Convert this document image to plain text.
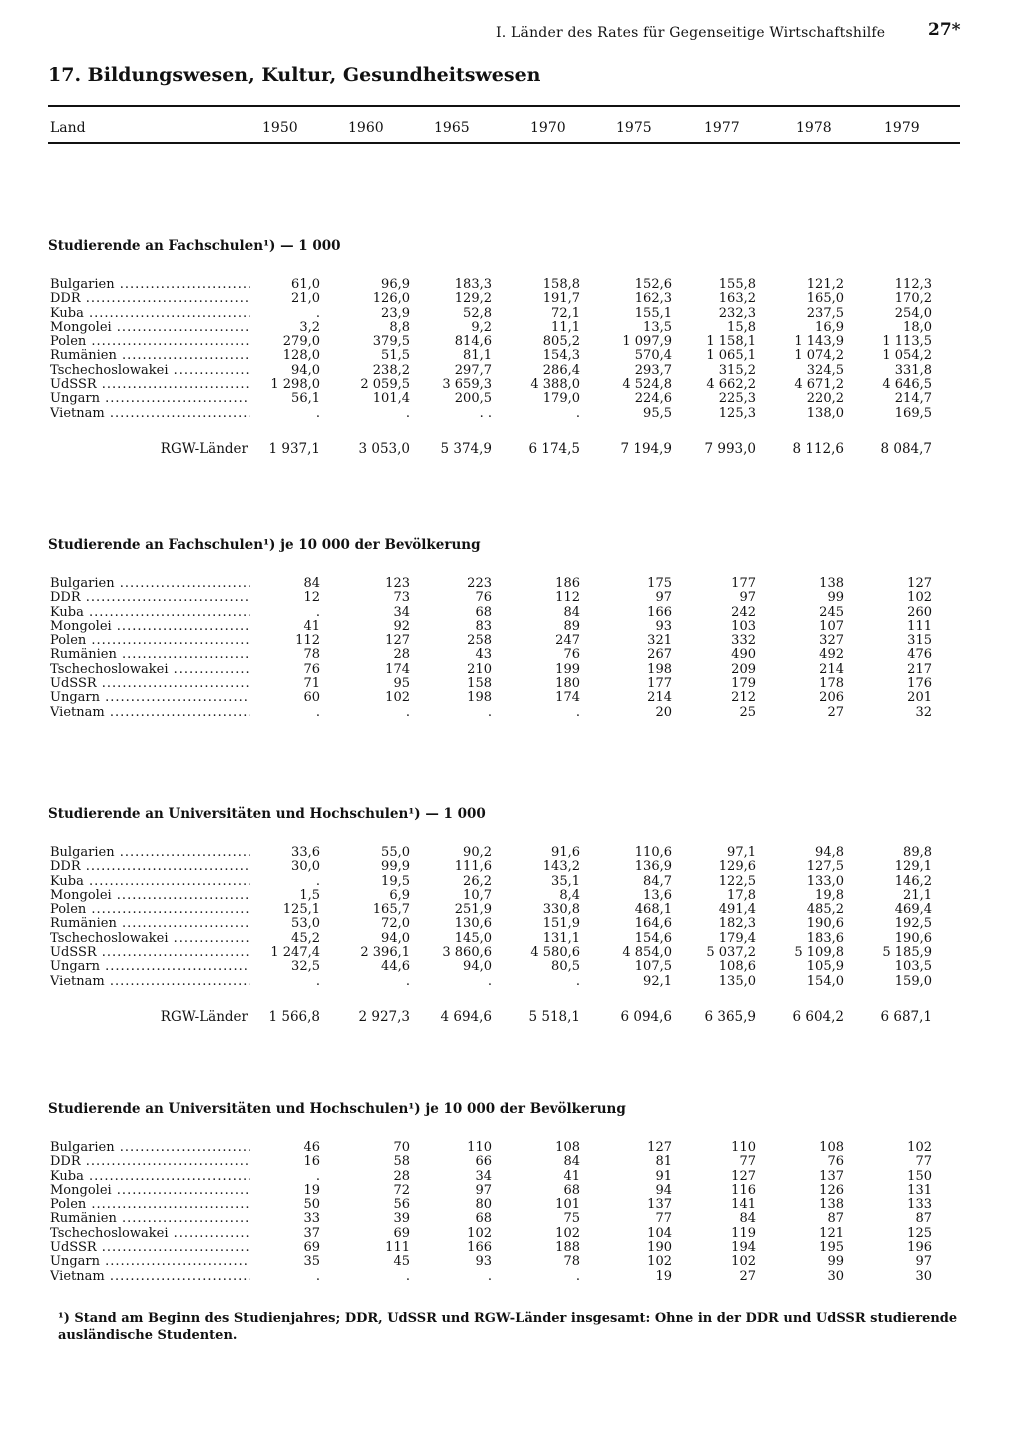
I. Länder des Rates für Gegenseitige Wirtschaftshilfe	27*
17. Bildungswesen, Kultur, Gesundheitswesen
Land	1950	1960	1965	1970	1975	1977	1978	1979
Studierende an Fachschulen¹) — 1 000
Bulgarien .....	61,0	96,9	183,3	158,8	152,6	155,8	121,2	112,3
DDR .....	21,0	126,0	129,2	191,7	162,3	163,2	165,0	170,2
Kuba .....	.	23,9	52,8	72,1	155,1	232,3	237,5	254,0
Mongolei .....	3,2	8,8	9,2	11,1	13,5	15,8	16,9	18,0
Polen .....	279,0	379,5	814,6	805,2	1 097,9	1 158,1	1 143,9	1 113,5
Rumänien .....	128,0	51,5	81,1	154,3	570,4	1 065,1	1 074,2	1 054,2
Tschechoslowakei .....	94,0	238,2	297,7	286,4	293,7	315,2	324,5	331,8
UdSSR .....	1 298,0	2 059,5	3 659,3	4 388,0	4 524,8	4 662,2	4 671,2	4 646,5
Ungarn .....	56,1	101,4	200,5	179,0	224,6	225,3	220,2	214,7
Vietnam .....	.	.	. .	.	95,5	125,3	138,0	169,5
RGW-Länder	1 937,1	3 053,0	5 374,9	6 174,5	7 194,9	7 993,0	8 112,6	8 084,7
Studierende an Fachschulen¹) je 10 000 der Bevölkerung
Bulgarien .....	84	123	223	186	175	177	138	127
DDR .....	12	73	76	112	97	97	99	102
Kuba .....	.	34	68	84	166	242	245	260
Mongolei .....	41	92	83	89	93	103	107	111
Polen .....	112	127	258	247	321	332	327	315
Rumänien .....	78	28	43	76	267	490	492	476
Tschechoslowakei .....	76	174	210	199	198	209	214	217
UdSSR .....	71	95	158	180	177	179	178	176
Ungarn .....	60	102	198	174	214	212	206	201
Vietnam .....	.	.	.	.	20	25	27	32
Studierende an Universitäten und Hochschulen¹) — 1 000
Bulgarien .....	33,6	55,0	90,2	91,6	110,6	97,1	94,8	89,8
DDR .....	30,0	99,9	111,6	143,2	136,9	129,6	127,5	129,1
Kuba .....	.	19,5	26,2	35,1	84,7	122,5	133,0	146,2
Mongolei .....	1,5	6,9	10,7	8,4	13,6	17,8	19,8	21,1
Polen .....	125,1	165,7	251,9	330,8	468,1	491,4	485,2	469,4
Rumänien .....	53,0	72,0	130,6	151,9	164,6	182,3	190,6	192,5
Tschechoslowakei .....	45,2	94,0	145,0	131,1	154,6	179,4	183,6	190,6
UdSSR .....	1 247,4	2 396,1	3 860,6	4 580,6	4 854,0	5 037,2	5 109,8	5 185,9
Ungarn .....	32,5	44,6	94,0	80,5	107,5	108,6	105,9	103,5
Vietnam .....	.	.	.	.	92,1	135,0	154,0	159,0
RGW-Länder	1 566,8	2 927,3	4 694,6	5 518,1	6 094,6	6 365,9	6 604,2	6 687,1
Studierende an Universitäten und Hochschulen¹) je 10 000 der Bevölkerung
Bulgarien .....	46	70	110	108	127	110	108	102
DDR .....	16	58	66	84	81	77	76	77
Kuba .....	.	28	34	41	91	127	137	150
Mongolei .....	19	72	97	68	94	116	126	131
Polen .....	50	56	80	101	137	141	138	133
Rumänien .....	33	39	68	75	77	84	87	87
Tschechoslowakei .....	37	69	102	102	104	119	121	125
UdSSR .....	69	111	166	188	190	194	195	196
Ungarn .....	35	45	93	78	102	102	99	97
Vietnam .....	.	.	.	.	19	27	30	30
¹) Stand am Beginn des Studienjahres; DDR, UdSSR und RGW-Länder insgesamt: Ohne in der DDR und UdSSR studierende ausländische Studenten.
